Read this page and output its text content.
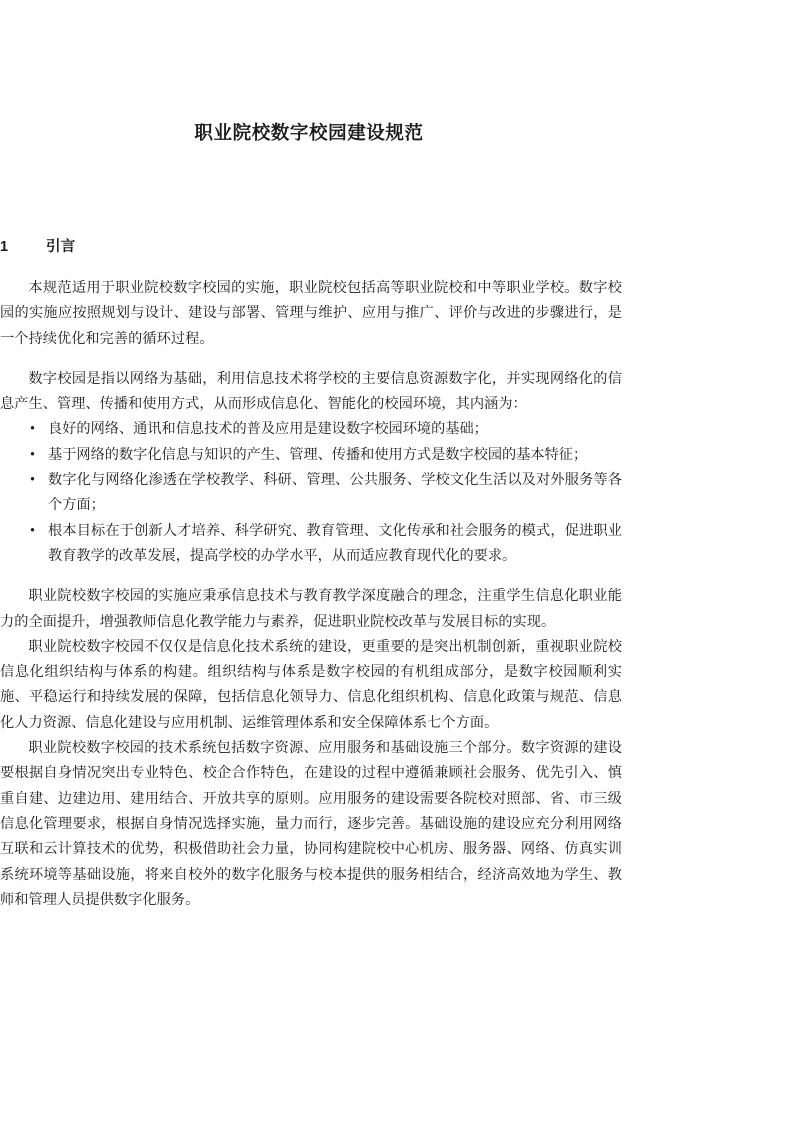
职业院校数字校园建设规范
1	引言

本规范适用于职业院校数字校园的实施，职业院校包括高等职业院校和中等职业学校。数字校园的实施应按照规划与设计、建设与部署、管理与维护、应用与推广、评价与改进的步骤进行，是一个持续优化和完善的循环过程。

数字校园是指以网络为基础，利用信息技术将学校的主要信息资源数字化，并实现网络化的信息产生、管理、传播和使用方式，从而形成信息化、智能化的校园环境，其内涵为：

• 良好的网络、通讯和信息技术的普及应用是建设数字校园环境的基础；
• 基于网络的数字化信息与知识的产生、管理、传播和使用方式是数字校园的基本特征；
• 数字化与网络化渗透在学校教学、科研、管理、公共服务、学校文化生活以及对外服务等各个方面；
• 根本目标在于创新人才培养、科学研究、教育管理、文化传承和社会服务的模式，促进职业教育教学的改革发展，提高学校的办学水平，从而适应教育现代化的要求。

职业院校数字校园的实施应秉承信息技术与教育教学深度融合的理念，注重学生信息化职业能力的全面提升，增强教师信息化教学能力与素养，促进职业院校改革与发展目标的实现。

职业院校数字校园不仅仅是信息化技术系统的建设，更重要的是突出机制创新，重视职业院校信息化组织结构与体系的构建。组织结构与体系是数字校园的有机组成部分，是数字校园顺利实施、平稳运行和持续发展的保障，包括信息化领导力、信息化组织机构、信息化政策与规范、信息化人力资源、信息化建设与应用机制、运维管理体系和安全保障体系七个方面。

职业院校数字校园的技术系统包括数字资源、应用服务和基础设施三个部分。数字资源的建设要根据自身情况突出专业特色、校企合作特色，在建设的过程中遵循兼顾社会服务、优先引入、慎重自建、边建边用、建用结合、开放共享的原则。应用服务的建设需要各院校对照部、省、市三级信息化管理要求，根据自身情况选择实施，量力而行，逐步完善。基础设施的建设应充分利用网络互联和云计算技术的优势，积极借助社会力量，协同构建院校中心机房、服务器、网络、仿真实训系统环境等基础设施，将来自校外的数字化服务与校本提供的服务相结合，经济高效地为学生、教师和管理人员提供数字化服务。
